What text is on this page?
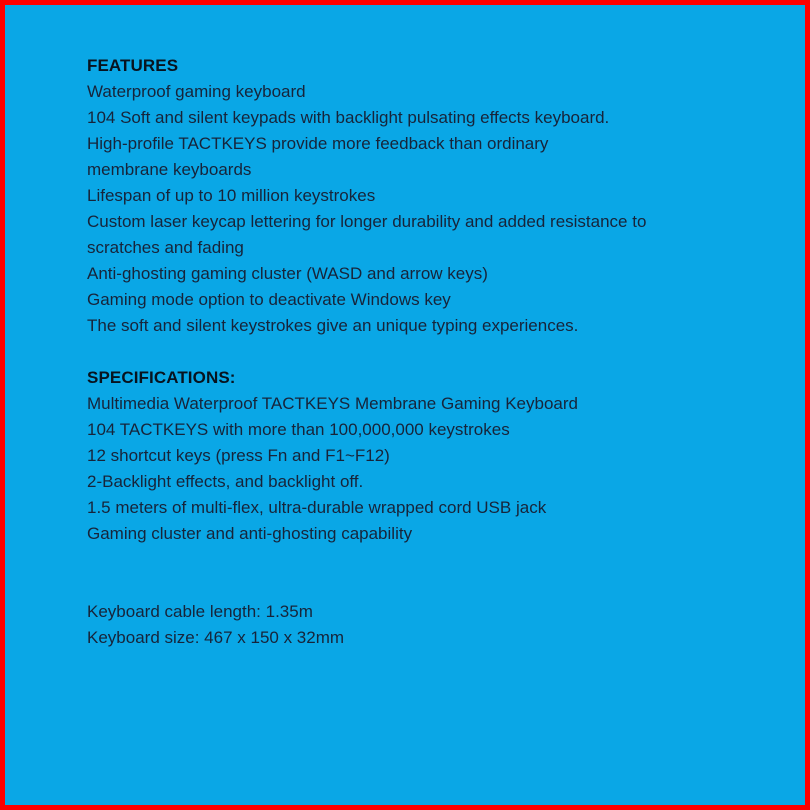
FEATURES

Waterproof gaming keyboard

104 Soft and silent keypads with backlight pulsating effects keyboard.

High-profile TACTKEYS provide more feedback than ordinary

membrane keyboards

Lifespan of up to 10 million keystrokes

Custom laser keycap lettering for longer durability and added resistance to

scratches and fading

Anti-ghosting gaming cluster (WASD and arrow keys)

Gaming mode option to deactivate Windows key

The soft and silent keystrokes give an unique typing experiences.

SPECIFICATIONS:

Multimedia Waterproof TACTKEYS Membrane Gaming Keyboard

104 TACTKEYS with more than 100,000,000 keystrokes

12 shortcut keys (press Fn and F1~F12)

2-Backlight effects, and backlight off.

1.5 meters of multi-flex, ultra-durable wrapped cord USB jack

Gaming cluster and anti-ghosting capability

Keyboard cable length: 1.35m

Keyboard size: 467 x 150 x 32mm
